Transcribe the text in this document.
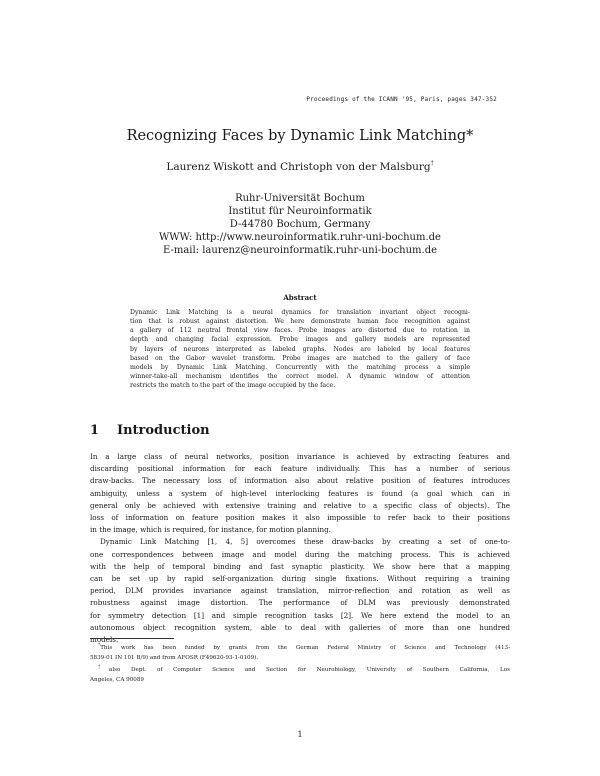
Proceedings of the ICANN '95, Paris, pages 347-352
Recognizing Faces by Dynamic Link Matching*
Laurenz Wiskott and Christoph von der Malsburg†
Ruhr-Universität Bochum
Institut für Neuroinformatik
D-44780 Bochum, Germany
WWW: http://www.neuroinformatik.ruhr-uni-bochum.de
E-mail: laurenz@neuroinformatik.ruhr-uni-bochum.de
Abstract
Dynamic Link Matching is a neural dynamics for translation invariant object recogni-
tion that is robust against distortion. We here demonstrate human face recognition against
a gallery of 112 neutral frontal view faces. Probe images are distorted due to rotation in
depth and changing facial expression. Probe images and gallery models are represented
by layers of neurons interpreted as labeled graphs. Nodes are labeled by local features
based on the Gabor wavelet transform. Probe images are matched to the gallery of face
models by Dynamic Link Matching. Concurrently with the matching process a simple
winner-take-all mechanism identifies the correct model. A dynamic window of attention
restricts the match to the part of the image occupied by the face.
1 Introduction
In a large class of neural networks, position invariance is achieved by extracting features and
discarding positional information for each feature individually. This has a number of serious
draw-backs. The necessary loss of information also about relative position of features introduces
ambiguity, unless a system of high-level interlocking features is found (a goal which can in
general only be achieved with extensive training and relative to a specific class of objects). The
loss of information on feature position makes it also impossible to refer back to their positions
in the image, which is required, for instance, for motion planning.
Dynamic Link Matching [1, 4, 5] overcomes these draw-backs by creating a set of one-to-
one correspondences between image and model during the matching process. This is achieved
with the help of temporal binding and fast synaptic plasticity. We show here that a mapping
can be set up by rapid self-organization during single fixations. Without requiring a training
period, DLM provides invariance against translation, mirror-reflection and rotation as well as
robustness against image distortion. The performance of DLM was previously demonstrated
for symmetry detection [1] and simple recognition tasks [2]. We here extend the model to an
autonomous object recognition system, able to deal with galleries of more than one hundred
models.
*This work has been funded by grants from the German Federal Ministry of Science and Technology (413-
5839-01 IN 101 B/9) and from AFOSR (F49620-93-1-0109).
†also Dept. of Computer Science and Section for Neurobiology, University of Southern California, Los
Angeles, CA 90089
1
